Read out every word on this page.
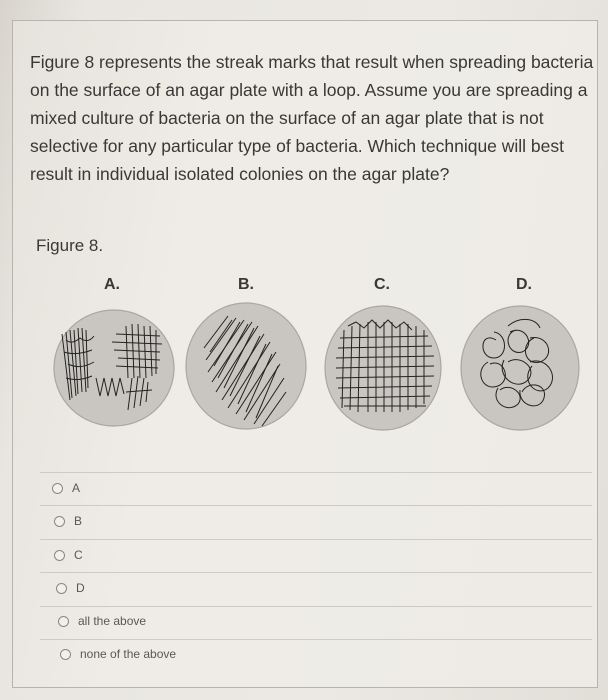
Figure 8 represents the streak marks that result when spreading bacteria on the surface of an agar plate with a loop. Assume you are spreading a mixed culture of bacteria on the surface of an agar plate that is not selective for any particular type of bacteria. Which technique will best result in individual isolated colonies on the agar plate?
Figure 8.
A.	B.	C.	D.
A
B
C
D
all the above
none of the above
